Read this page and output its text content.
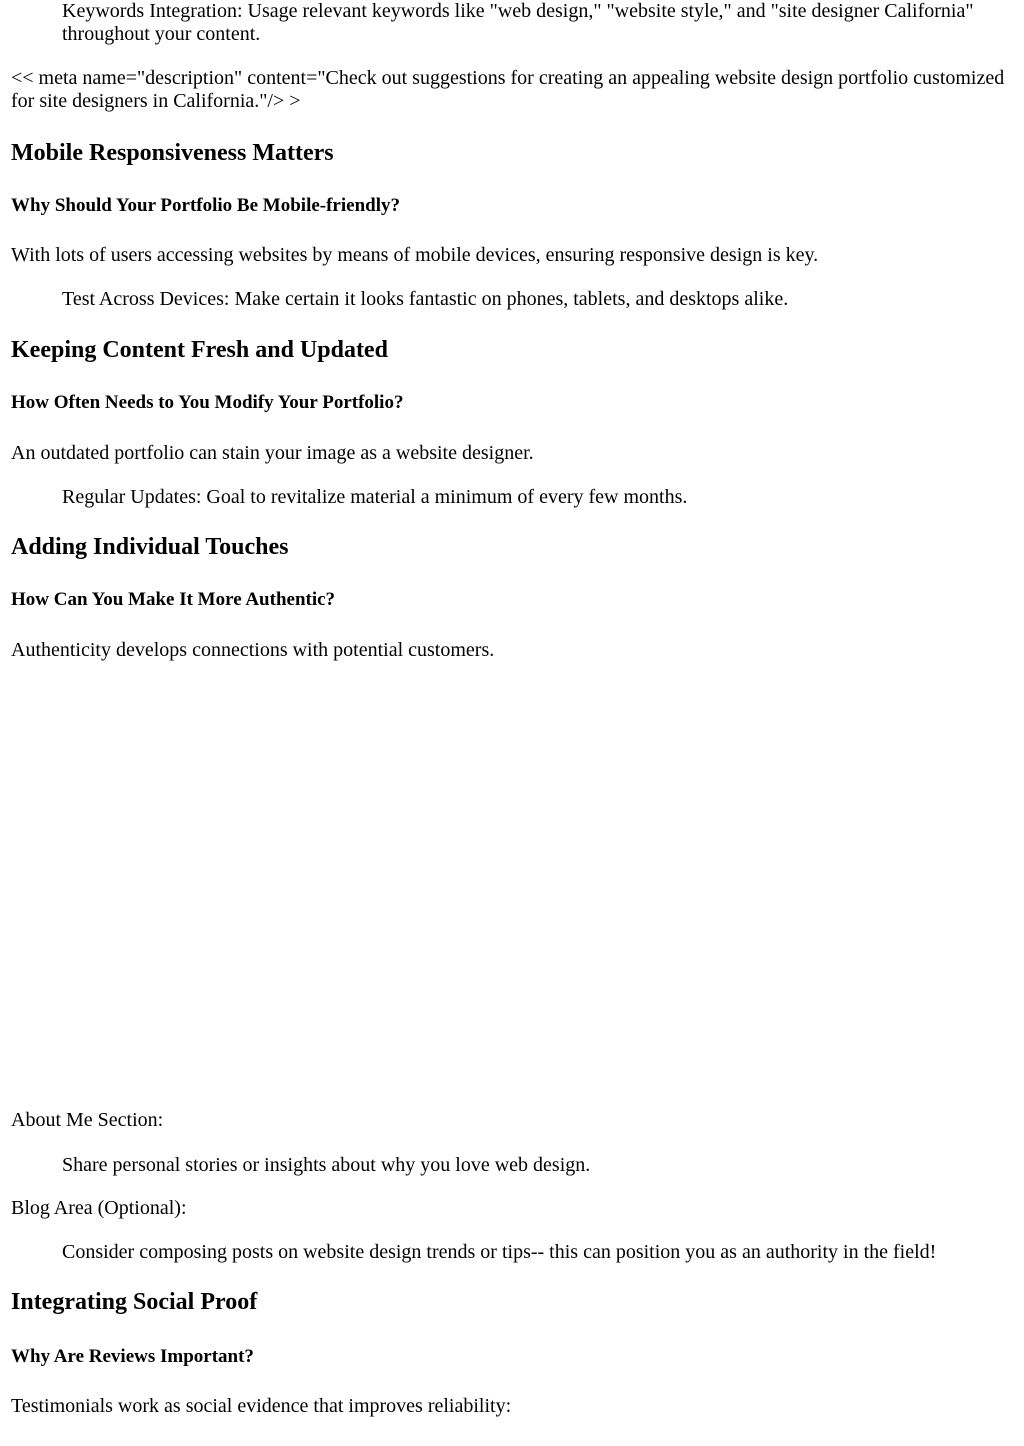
Keywords Integration: Usage relevant keywords like "web design," "website style," and "site designer California" throughout your content.

<< meta name="description" content="Check out suggestions for creating an appealing website design portfolio customized for site designers in California."/> >

Mobile Responsiveness Matters
Why Should Your Portfolio Be Mobile-friendly?

With lots of users accessing websites by means of mobile devices, ensuring responsive design is key.

Test Across Devices: Make certain it looks fantastic on phones, tablets, and desktops alike.

Keeping Content Fresh and Updated
How Often Needs to You Modify Your Portfolio?

An outdated portfolio can stain your image as a website designer.

Regular Updates: Goal to revitalize material a minimum of every few months.

Adding Individual Touches
How Can You Make It More Authentic?

Authenticity develops connections with potential customers.

About Me Section:

Share personal stories or insights about why you love web design.

Blog Area (Optional):

Consider composing posts on website design trends or tips-- this can position you as an authority in the field!

Integrating Social Proof
Why Are Reviews Important?

Testimonials work as social evidence that improves reliability:
